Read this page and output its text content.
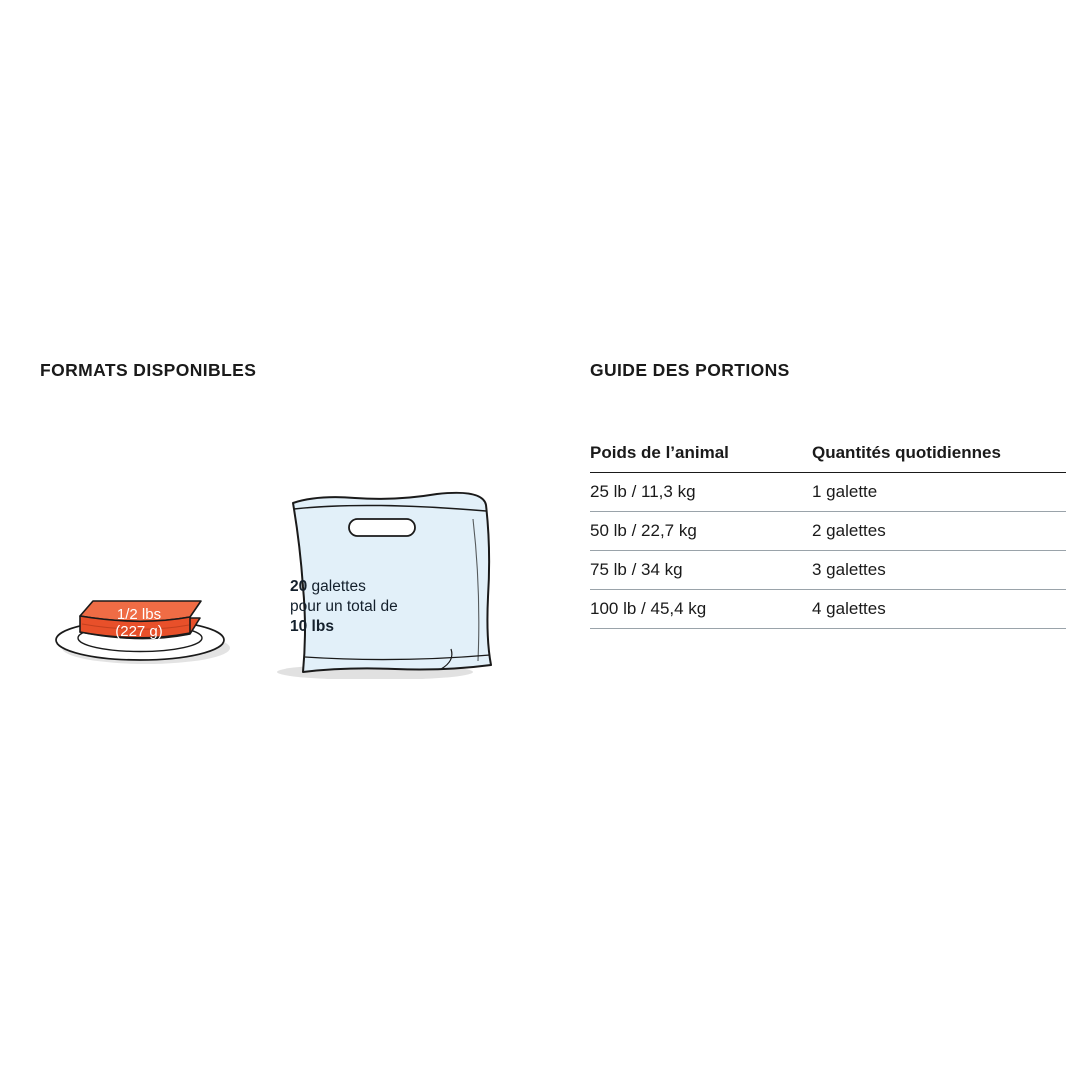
FORMATS DISPONIBLES
1/2 lbs
(227 g)
20 galettes
pour un total de
10 lbs
GUIDE DES PORTIONS
Poids de l’animal	Quantités quotidiennes
25 lb / 11,3 kg	1 galette
50 lb / 22,7 kg	2 galettes
75 lb / 34 kg	3 galettes
100 lb / 45,4 kg	4 galettes
